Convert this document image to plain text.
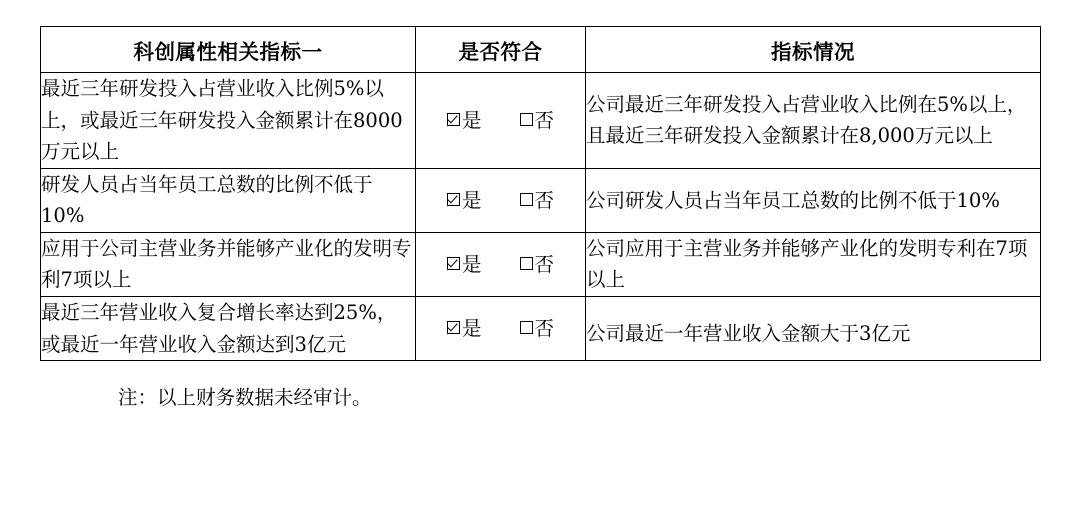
科创属性相关指标一	是否符合	指标情况
最近三年研发投入占营业收入比例5%以上，或最近三年研发投入金额累计在8000万元以上	是 否	公司最近三年研发投入占营业收入比例在5%以上，且最近三年研发投入金额累计在8,000万元以上
研发人员占当年员工总数的比例不低于10%	是 否	公司研发人员占当年员工总数的比例不低于10%
应用于公司主营业务并能够产业化的发明专利7项以上	是 否	公司应用于主营业务并能够产业化的发明专利在7项以上
最近三年营业收入复合增长率达到25%，或最近一年营业收入金额达到3亿元	是 否	公司最近一年营业收入金额大于3亿元

注：以上财务数据未经审计。
